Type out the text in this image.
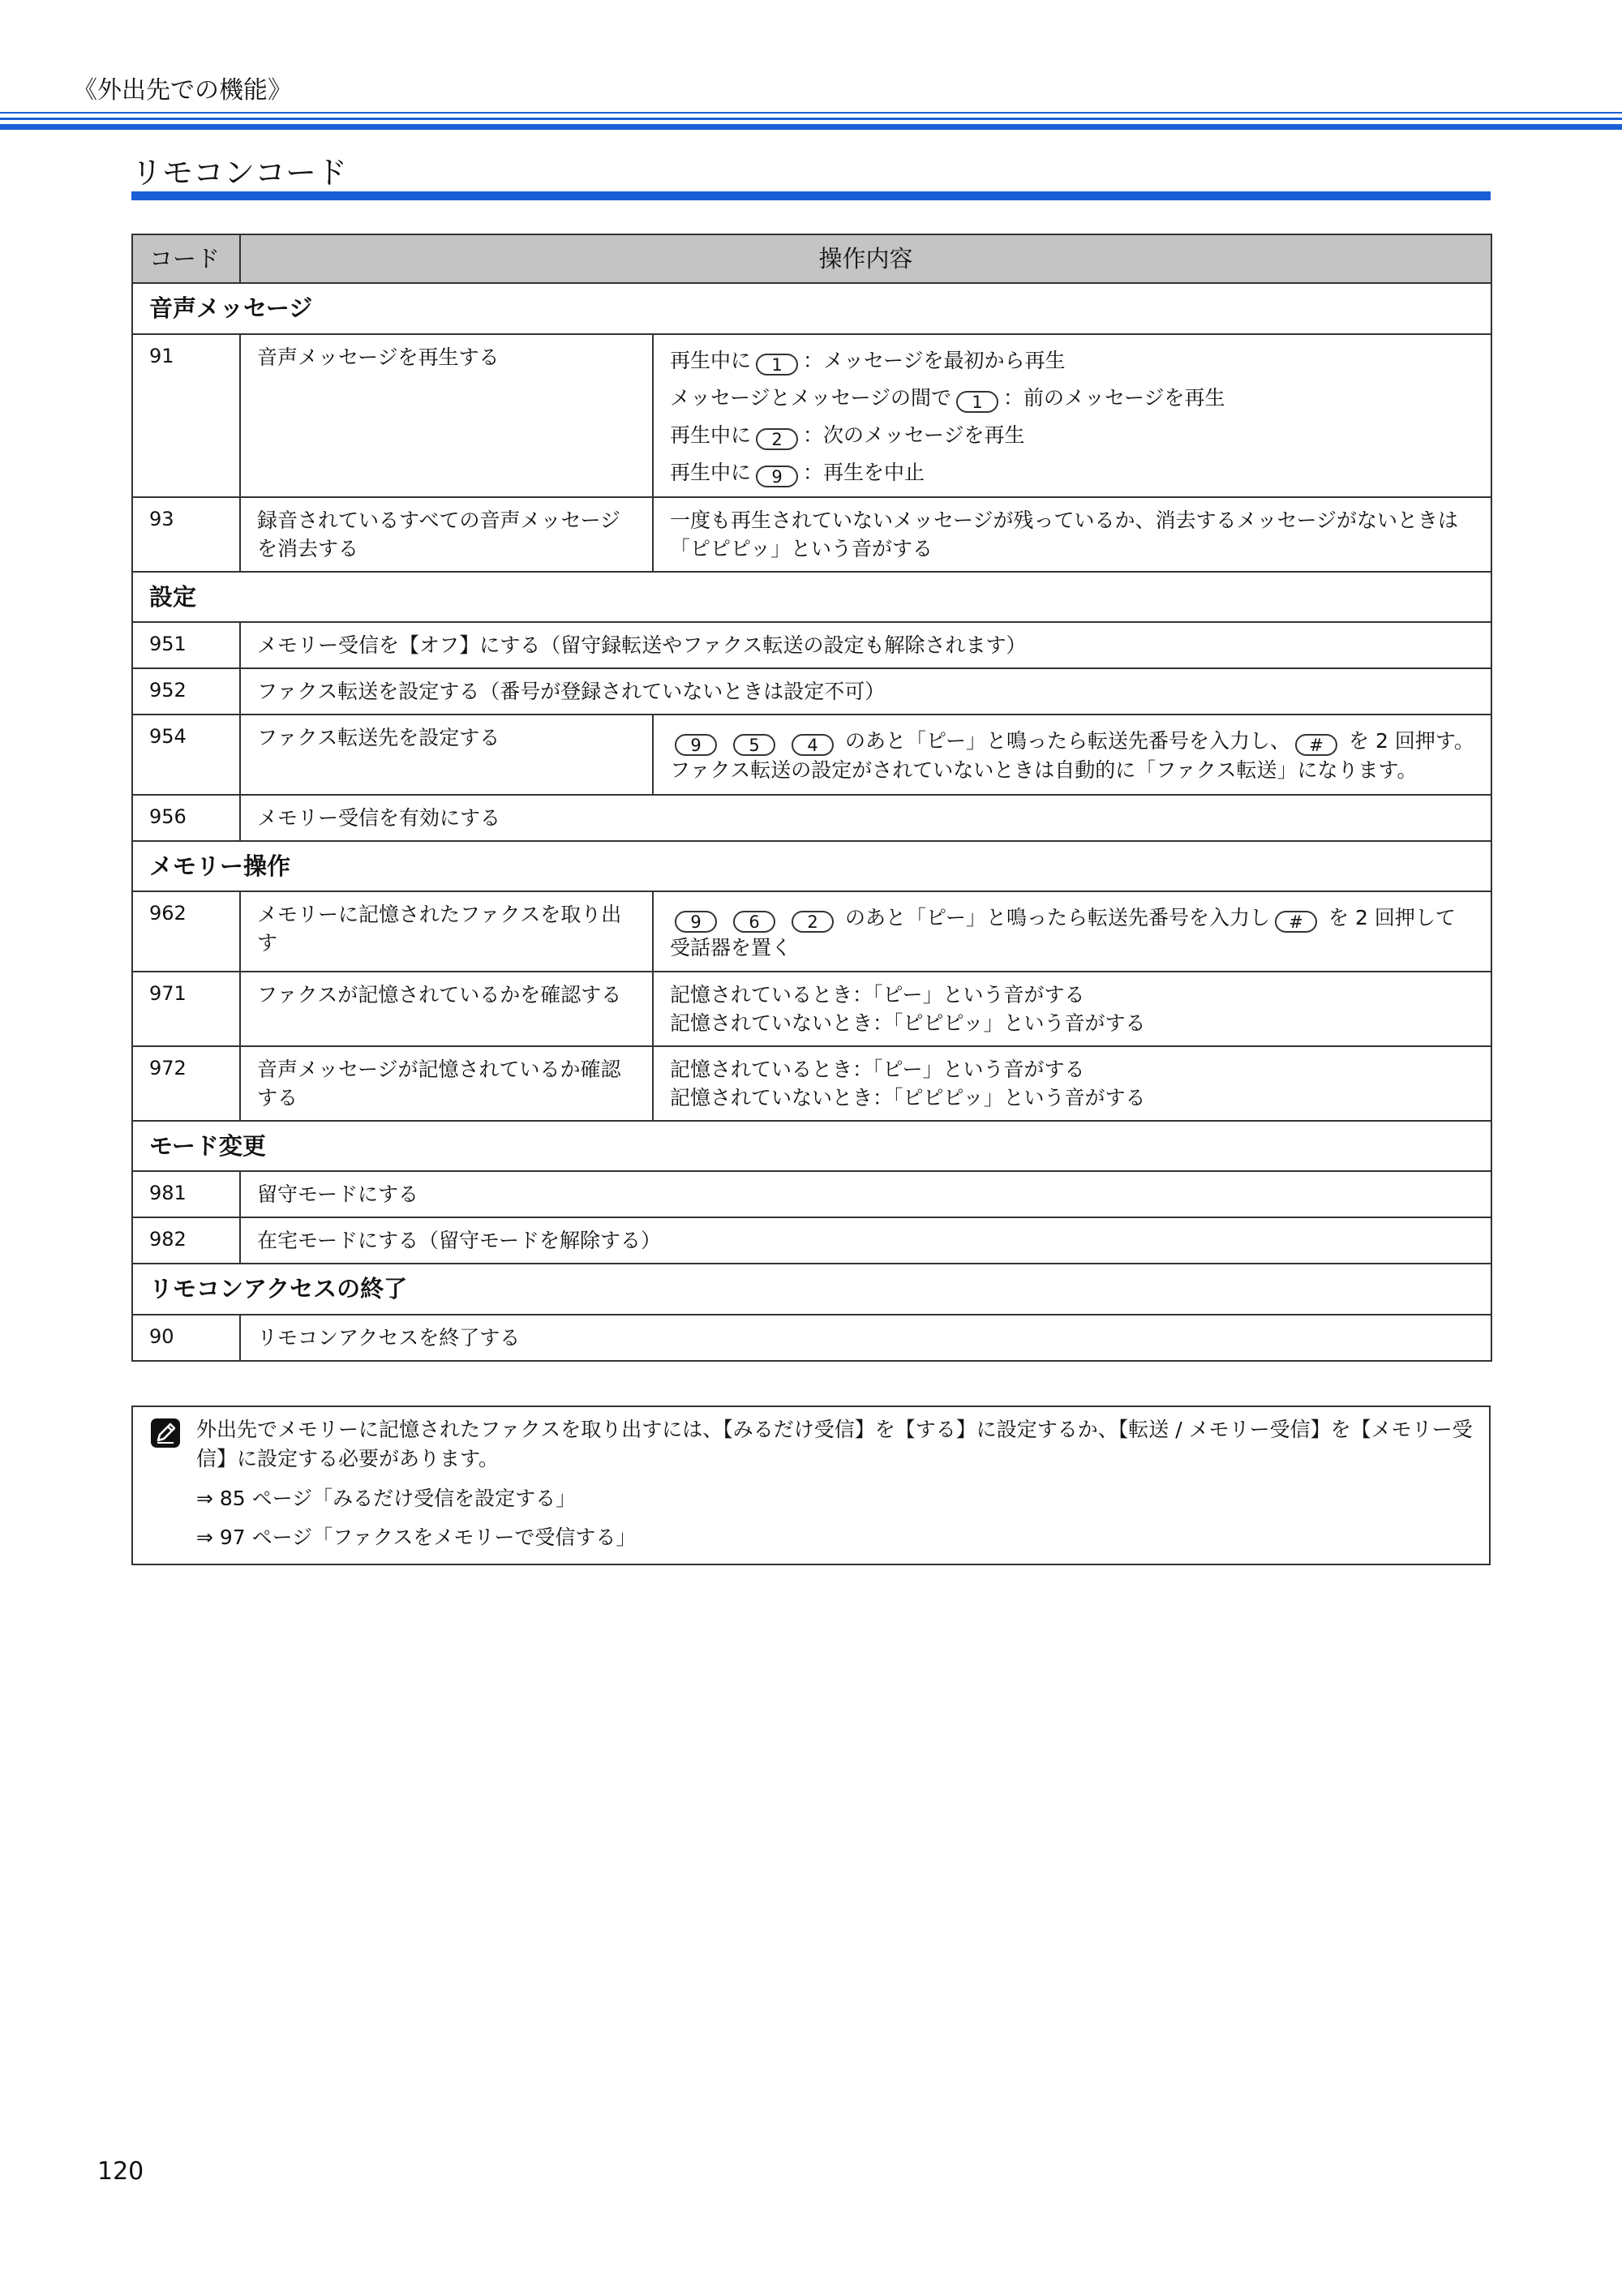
《外出先での機能》
リモコンコード
コード	操作内容	
音声メッセージ		
91	音声メッセージを再生する	再生中に 1 ：メッセージを最初から再生
メッセージとメッセージの間で 1 ：前のメッセージを再生
再生中に 2 ：次のメッセージを再生
再生中に 9 ：再生を中止

93	録音されているすべての音声メッセージを消去する	一度も再生されていないメッセージが残っているか、消去するメッセージがないときは「ピピピッ」という音がする
設定		
951	メモリー受信を【オフ】にする（留守録転送やファクス転送の設定も解除されます）	
952	ファクス転送を設定する（番号が登録されていないときは設定不可）	
954	ファクス転送先を設定する	9 5 4 のあと「ピー」と鳴ったら転送先番号を入力し、 # を 2 回押す。ファクス転送の設定がされていないときは自動的に「ファクス転送」になります。

956	メモリー受信を有効にする	
メモリー操作		
962	メモリーに記憶されたファクスを取り出す	9 6 2 のあと「ピー」と鳴ったら転送先番号を入力し # を 2 回押して受話器を置く

971	ファクスが記憶されているかを確認する	記憶されているとき：「ピー」という音がする
記憶されていないとき：「ピピピッ」という音がする

972	音声メッセージが記憶されているか確認する	記憶されているとき：「ピー」という音がする
記憶されていないとき：「ピピピッ」という音がする

モード変更		
981	留守モードにする	
982	在宅モードにする（留守モードを解除する）	
リモコンアクセスの終了		
90	リモコンアクセスを終了する	

外出先でメモリーに記憶されたファクスを取り出すには、【みるだけ受信】を【する】に設定するか、【転送 / メモリー受信】を【メモリー受信】に設定する必要があります。

⇒ 85 ページ「みるだけ受信を設定する」

⇒ 97 ページ「ファクスをメモリーで受信する」

120
